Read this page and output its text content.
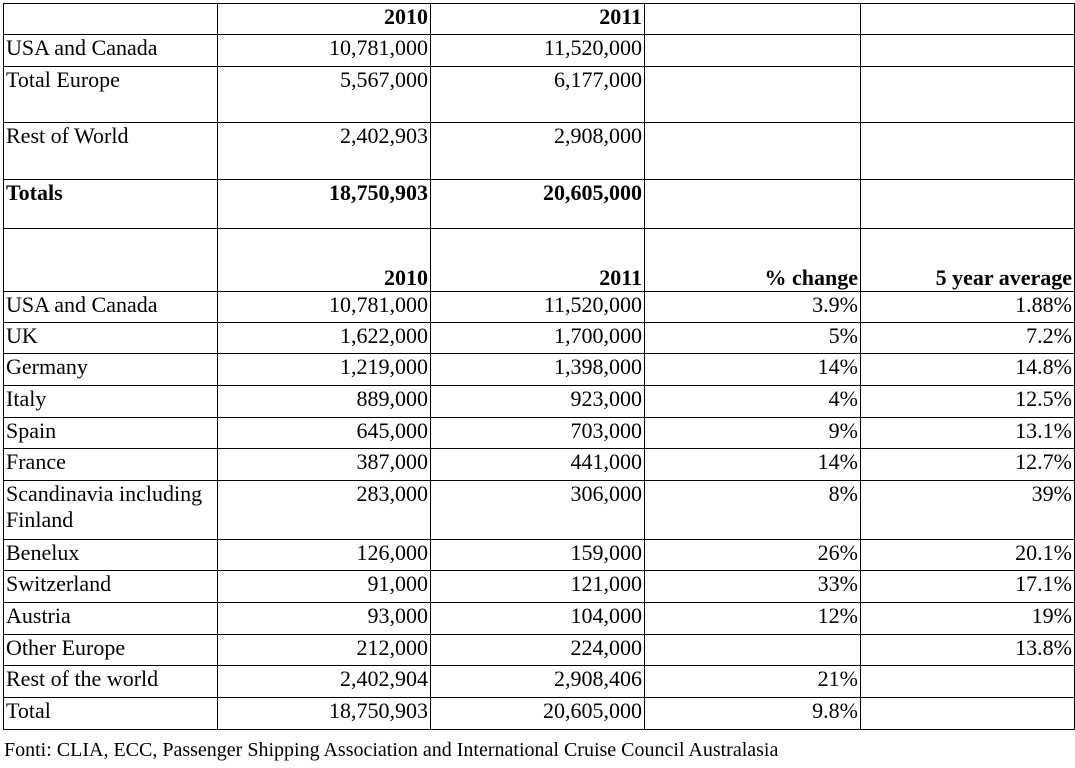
	2010	2011		
USA and Canada	10,781,000	11,520,000		
Total Europe	5,567,000	6,177,000		
Rest of World	2,402,903	2,908,000		
Totals	18,750,903	20,605,000		
	2010	2011	% change	5 year average
USA and Canada	10,781,000	11,520,000	3.9%	1.88%
UK	1,622,000	1,700,000	5%	7.2%
Germany	1,219,000	1,398,000	14%	14.8%
Italy	889,000	923,000	4%	12.5%
Spain	645,000	703,000	9%	13.1%
France	387,000	441,000	14%	12.7%
Scandinavia including Finland	283,000	306,000	8%	39%
Benelux	126,000	159,000	26%	20.1%
Switzerland	91,000	121,000	33%	17.1%
Austria	93,000	104,000	12%	19%
Other Europe	212,000	224,000		13.8%
Rest of the world	2,402,904	2,908,406	21%	
Total	18,750,903	20,605,000	9.8%	
Fonti: CLIA, ECC, Passenger Shipping Association and International Cruise Council Australasia
